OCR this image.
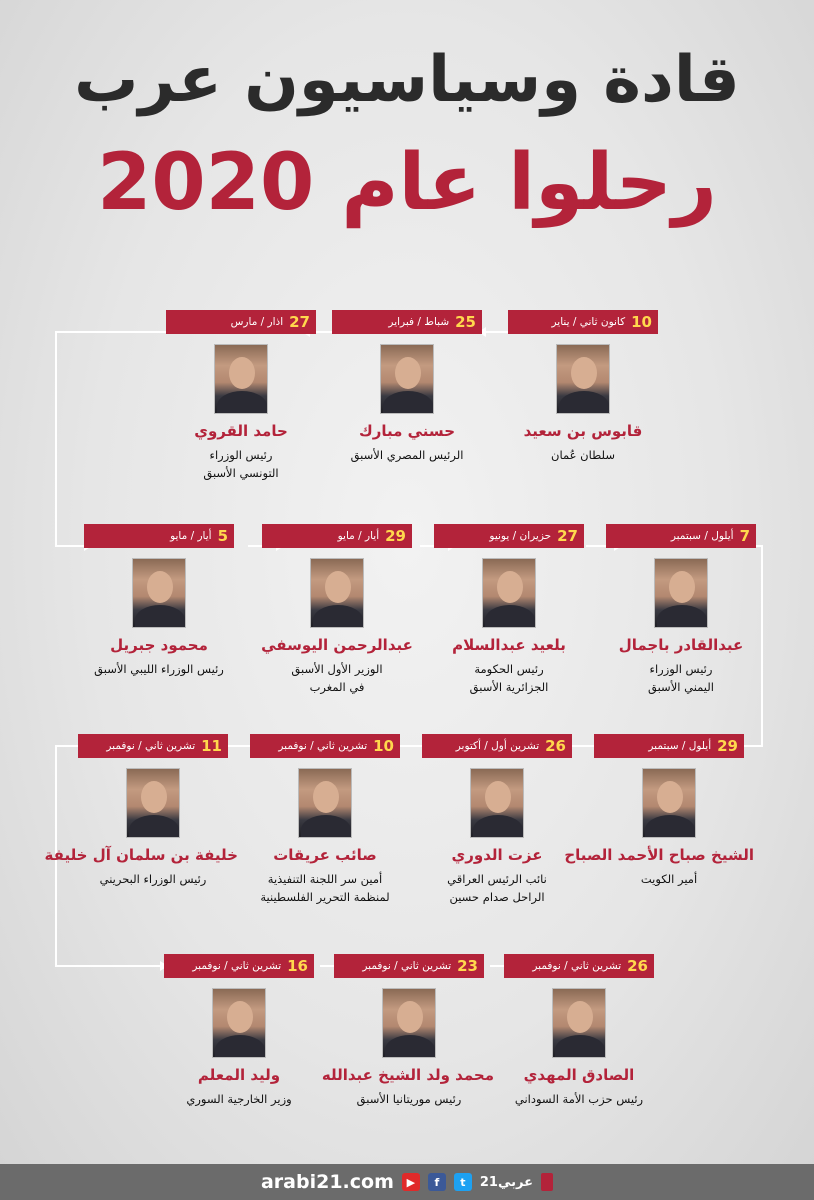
قادة وسياسيون عرب
رحلوا عام 2020
10
كانون ثاني / يناير
قابوس بن سعيد
سلطان عُمان
25
شباط / فبراير
حسني مبارك
الرئيس المصري الأسبق
27
اذار / مارس
حامد القروي
رئيس الوزراء
التونسي الأسبق
7
أيلول / سبتمبر
عبدالقادر باجمال
رئيس الوزراء
اليمني الأسبق
27
حزيران / يونيو
بلعيد عبدالسلام
رئيس الحكومة
الجزائرية الأسبق
29
أيار / مايو
عبدالرحمن اليوسفي
الوزير الأول الأسبق
في المغرب
5
أيار / مايو
محمود جبريل
رئيس الوزراء الليبي الأسبق
29
أيلول / سبتمبر
الشيخ صباح الأحمد الصباح
أمير الكويت
26
تشرين أول / أكتوبر
عزت الدوري
نائب الرئيس العراقي
الراحل صدام حسين
10
تشرين ثاني / نوفمبر
صائب عريقات
أمين سر اللجنة التنفيذية
لمنظمة التحرير الفلسطينية
11
تشرين ثاني / نوفمبر
خليفة بن سلمان آل خليفة
رئيس الوزراء البحريني
26
تشرين ثاني / نوفمبر
الصادق المهدي
رئيس حزب الأمة السوداني
23
تشرين ثاني / نوفمبر
محمد ولد الشيخ عبدالله
رئيس موريتانيا الأسبق
16
تشرين ثاني / نوفمبر
وليد المعلم
وزير الخارجية السوري
arabi21.com	▶	f	t	عربي21
